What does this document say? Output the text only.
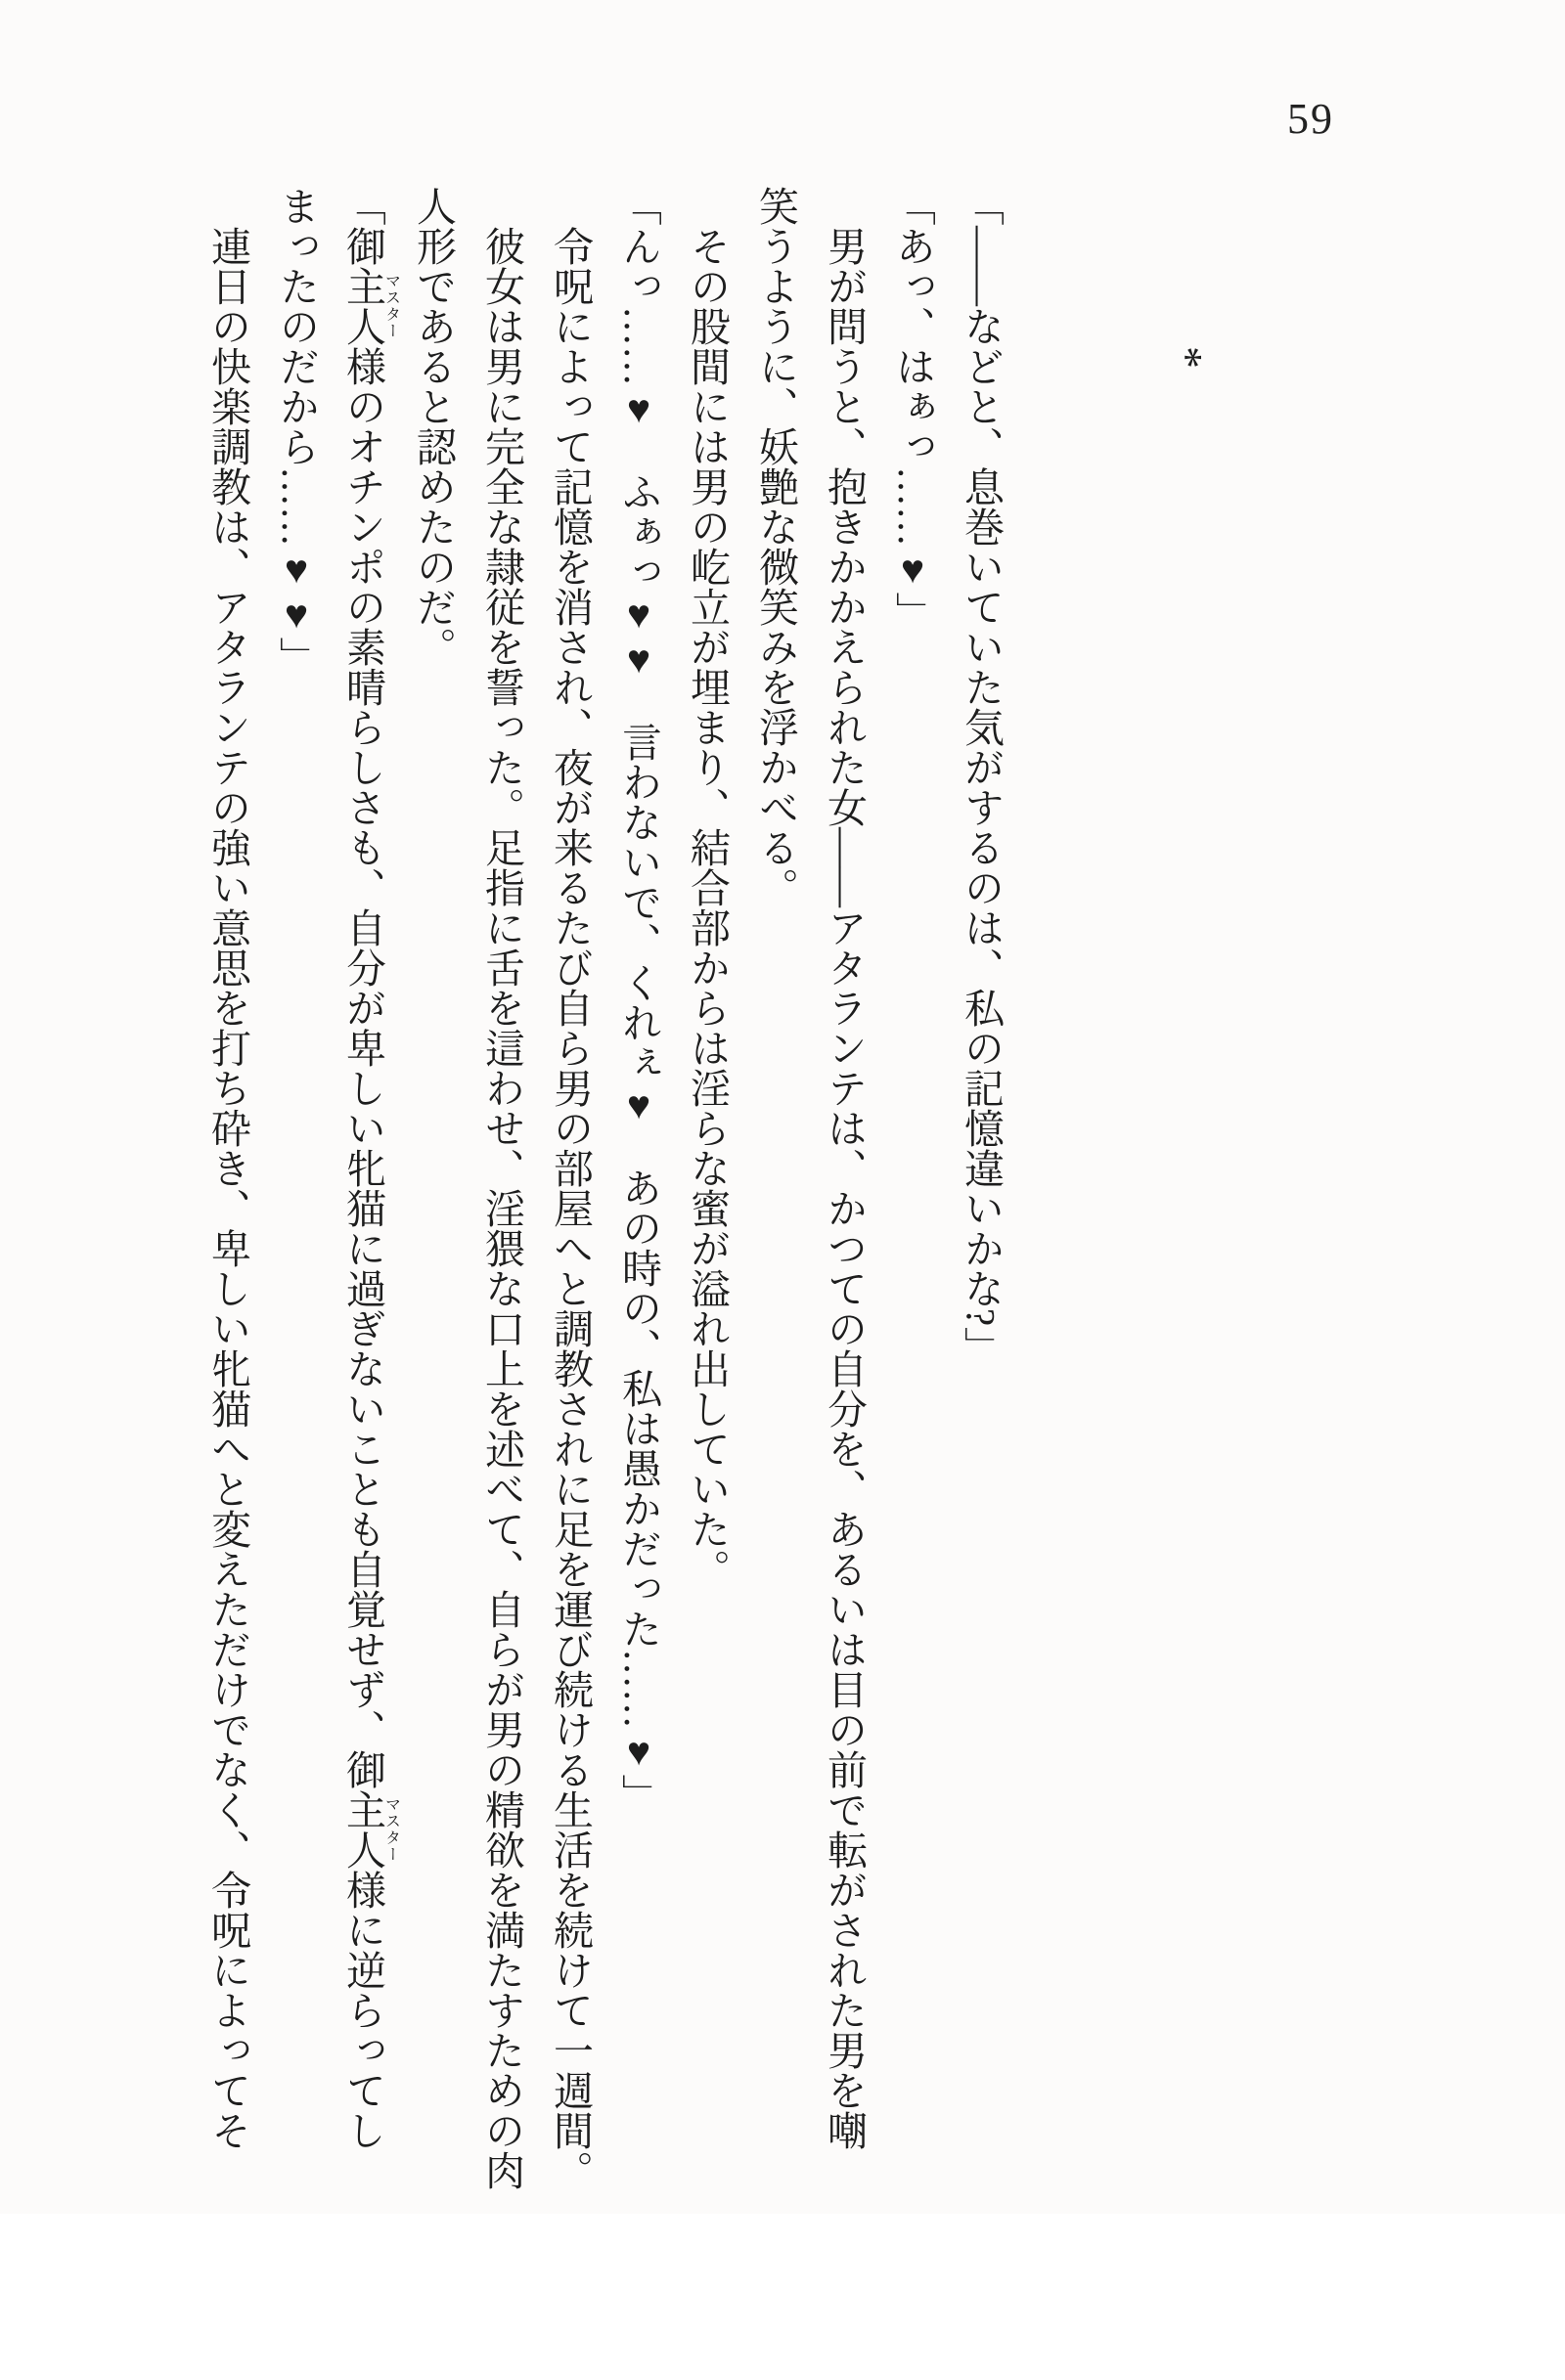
59
*
「——などと、息巻いていた気がするのは、私の記憶違いかな?」
「あっ、はぁっ……♥」
男が問うと、抱きかかえられた女——アタランテは、かつての自分を、あるいは目の前で転がされた男を嘲
笑うように、妖艶な微笑みを浮かべる。
その股間には男の屹立が埋まり、結合部からは淫らな蜜が溢れ出していた。
「んっ……♥　ふぁっ♥♥　言わないで、くれぇ♥　あの時の、私は愚かだった……♥」
令呪によって記憶を消され、夜が来るたび自ら男の部屋へと調教されに足を運び続ける生活を続けて一週間。
彼女は男に完全な隷従を誓った。足指に舌を這わせ、淫猥な口上を述べて、自らが男の精欲を満たすための肉
人形であると認めたのだ。
「御主人様マスターのオチンポの素晴らしさも、自分が卑しい牝猫に過ぎないことも自覚せず、御主人様マスターに逆らってし
まったのだから……♥♥」
連日の快楽調教は、アタランテの強い意思を打ち砕き、卑しい牝猫へと変えただけでなく、令呪によってそ
